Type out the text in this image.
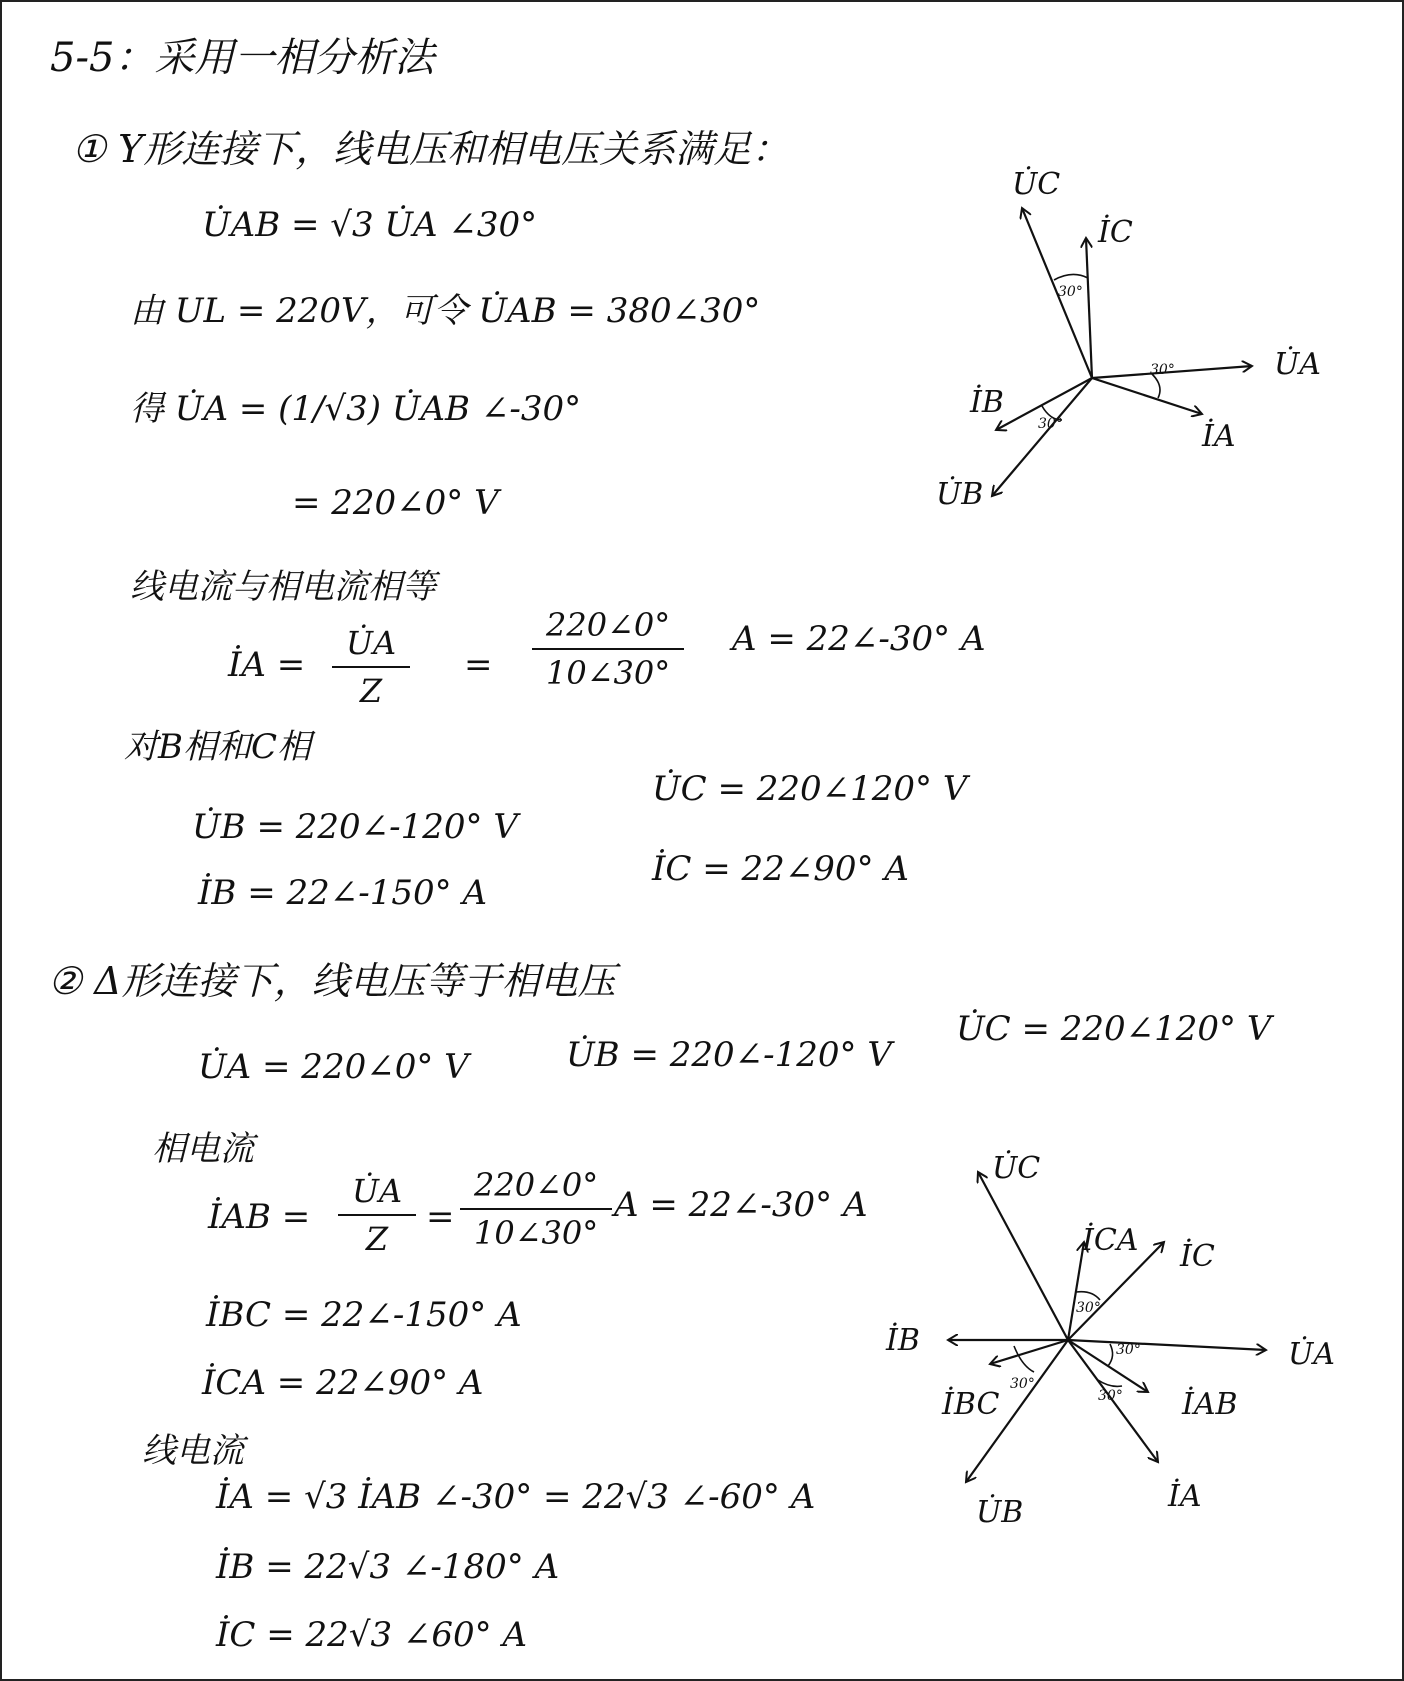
5-5：采用一相分析法
① Y形连接下，线电压和相电压关系满足：
U̇AB = √3 U̇A ∠30°
由 UL = 220V，可令 U̇AB = 380∠30°
得 U̇A = (1/√3) U̇AB ∠-30°
= 220∠0° V
线电流与相电流相等
İA = $\frac{U̇A}{Z} = \frac{220\angle 0^\circ}{10\angle 30^\circ}$ A = 22∠-30° A
对B相和C相
U̇B = 220∠-120° V
U̇C = 220∠120° V
İB = 22∠-150° A
İC = 22∠90° A
② Δ形连接下，线电压等于相电压
U̇A = 220∠0° V	U̇B = 220∠-120° V
U̇C = 220∠120° V
相电流
İAB = $\frac{U̇A}{Z} = \frac{220\angle 0^\circ}{10\angle 30^\circ}$ A = 22∠-30° A
İBC = 22∠-150° A
İCA = 22∠90° A
线电流
İA = √3 İAB ∠-30° = 22√3 ∠-60° A
İB = 22√3 ∠-180° A
İC = 22√3 ∠60° A
U̇C
İC
U̇A
İA
İB
U̇B
30°
30°
30°
U̇C
İCA İC
İB	U̇A
İBC	İAB
U̇B	İA
30°
30°
30°
30°
